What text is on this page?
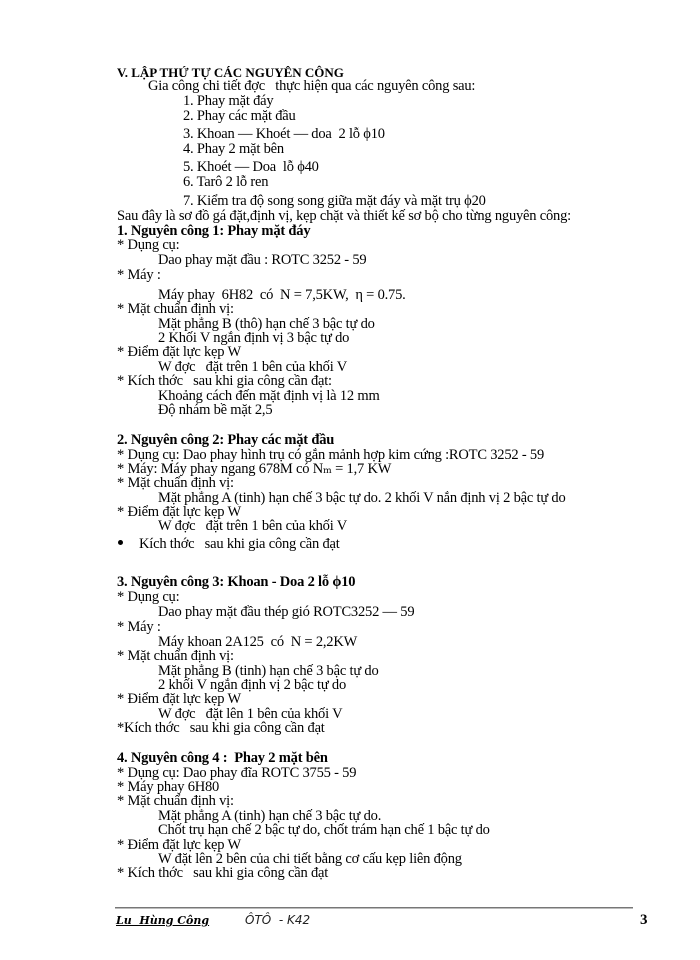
V. LẬP THỨ TỰ CÁC NGUYÊN CÔNG
Gia công chi tiết đợc   thực hiện qua các nguyên công sau:
1. Phay mặt đáy
2. Phay các mặt đầu
3. Khoan — Khoét — doa  2 lỗ ϕ10
4. Phay 2 mặt bên
5. Khoét — Doa  lỗ ϕ40
6. Tarô 2 lỗ ren
7. Kiểm tra độ song song giữa mặt đáy và mặt trụ ϕ20
Sau đây là sơ đồ gá đặt,định vị, kẹp chặt và thiết kế sơ bộ cho từng nguyên công:
1. Nguyên công 1: Phay mặt đáy
* Dụng cụ:
Dao phay mặt đầu : ROTC 3252 - 59
* Máy :
Máy phay  6H82  có  N = 7,5KW,  η = 0.75.
* Mặt chuẩn định vị:
Mặt phẳng B (thô) hạn chế 3 bậc tự do
2 Khối V ngắn định vị 3 bậc tự do
* Điểm đặt lực kẹp W
W đợc   đặt trên 1 bên của khối V
* Kích thớc   sau khi gia công cần đạt:
Khoảng cách đến mặt định vị là 12 mm
Độ nhám bề mặt 2,5
2. Nguyên công 2: Phay các mặt đầu
* Dụng cụ: Dao phay hình trụ có gắn mảnh hợp kim cứng :ROTC 3252 - 59
* Máy: Máy phay ngang 678M có Nₘ = 1,7 KW
* Mặt chuẩn định vị:
Mặt phẳng A (tinh) hạn chế 3 bậc tự do. 2 khối V nắn định vị 2 bậc tự do
* Điểm đặt lực kẹp W
W đợc   đặt trên 1 bên của khối V
Kích thớc   sau khi gia công cần đạt
3. Nguyên công 3: Khoan - Doa 2 lỗ ϕ10
* Dụng cụ:
Dao phay mặt đầu thép gió ROTC3252 — 59
* Máy :
Máy khoan 2A125  có  N = 2,2KW
* Mặt chuẩn định vị:
Mặt phẳng B (tinh) hạn chế 3 bậc tự do
2 khối V ngắn định vị 2 bậc tự do
* Điểm đặt lực kẹp W
W đợc   đặt lên 1 bên của khối V
*Kích thớc   sau khi gia công cần đạt
4. Nguyên công 4 :  Phay 2 mặt bên
* Dụng cụ: Dao phay đĩa ROTC 3755 - 59
* Máy phay 6H80
* Mặt chuẩn định vị:
Mặt phẳng A (tinh) hạn chế 3 bậc tự do.
Chốt trụ hạn chế 2 bậc tự do, chốt trám hạn chế 1 bậc tự do
* Điểm đặt lực kẹp W
W đặt lên 2 bên của chi tiết bằng cơ cấu kẹp liên động
* Kích thớc   sau khi gia công cần đạt
Lu  Hùng Công	ÔTÔ  - K42	3
